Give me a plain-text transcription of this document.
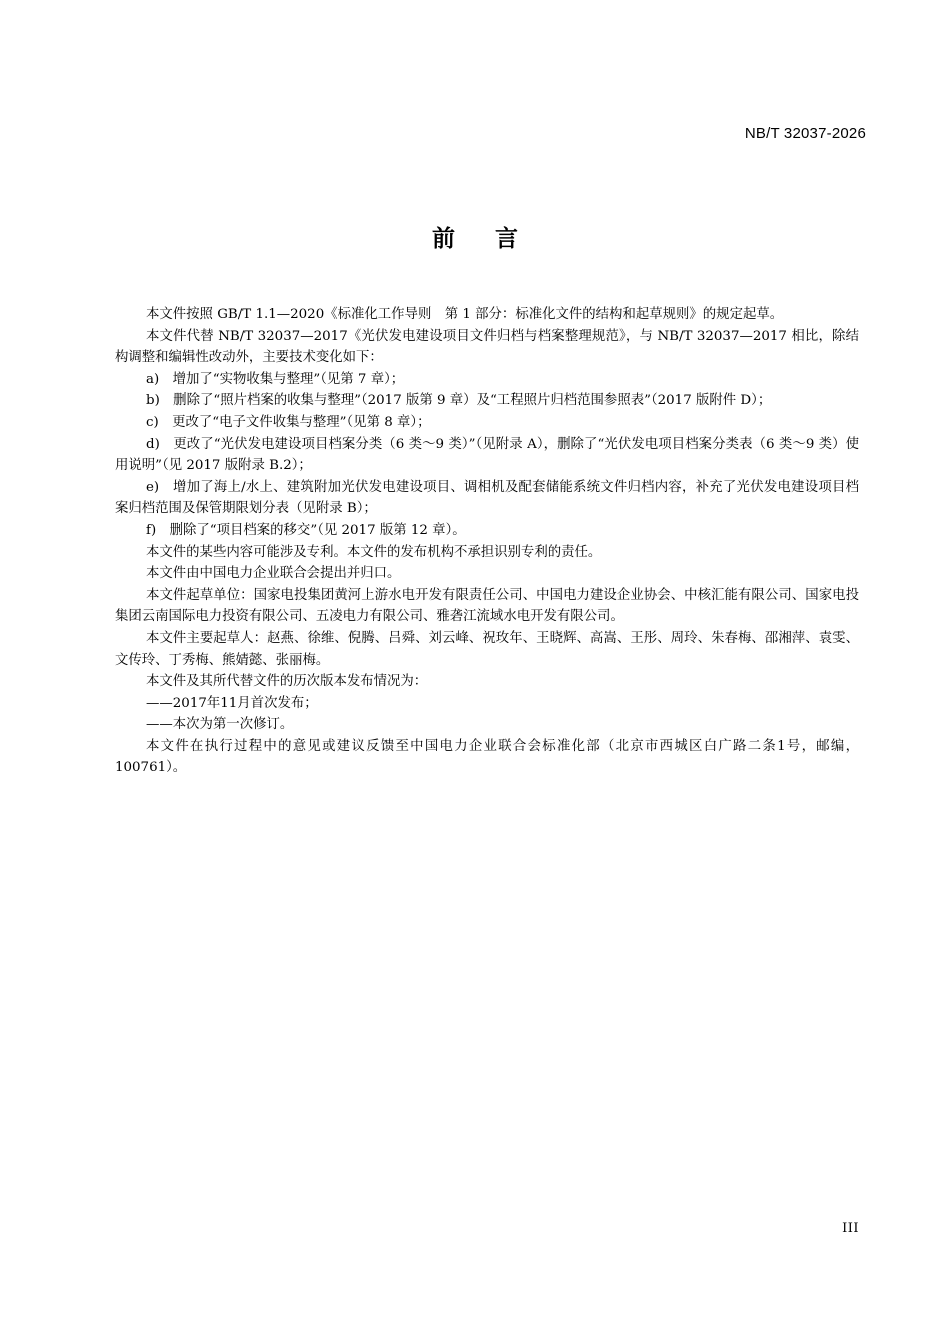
NB/T 32037-2026
前言

本文件按照 GB/T 1.1—2020《标准化工作导则　第 1 部分：标准化文件的结构和起草规则》的规定起草。

本文件代替 NB/T 32037—2017《光伏发电建设项目文件归档与档案整理规范》，与 NB/T 32037—2017 相比，除结构调整和编辑性改动外，主要技术变化如下：

a)　增加了“实物收集与整理”（见第 7 章）；

b)　删除了“照片档案的收集与整理”（2017 版第 9 章）及“工程照片归档范围参照表”（2017 版附件 D）；

c)　更改了“电子文件收集与整理”（见第 8 章）；

d)　更改了“光伏发电建设项目档案分类（6 类～9 类）”（见附录 A），删除了“光伏发电项目档案分类表（6 类～9 类）使用说明”（见 2017 版附录 B.2）；

e)　增加了海上/水上、建筑附加光伏发电建设项目、调相机及配套储能系统文件归档内容，补充了光伏发电建设项目档案归档范围及保管期限划分表（见附录 B）；

f)　删除了“项目档案的移交”（见 2017 版第 12 章）。

本文件的某些内容可能涉及专利。本文件的发布机构不承担识别专利的责任。

本文件由中国电力企业联合会提出并归口。

本文件起草单位：国家电投集团黄河上游水电开发有限责任公司、中国电力建设企业协会、中核汇能有限公司、国家电投集团云南国际电力投资有限公司、五凌电力有限公司、雅砻江流域水电开发有限公司。

本文件主要起草人：赵燕、徐维、倪腾、吕舜、刘云峰、祝玫年、王晓辉、高嵩、王彤、周玲、朱春梅、邵湘萍、袁雯、文传玲、丁秀梅、熊婧懿、张丽梅。

本文件及其所代替文件的历次版本发布情况为：

——2017年11月首次发布；

——本次为第一次修订。

本文件在执行过程中的意见或建议反馈至中国电力企业联合会标准化部（北京市西城区白广路二条1号，邮编，100761）。

III
